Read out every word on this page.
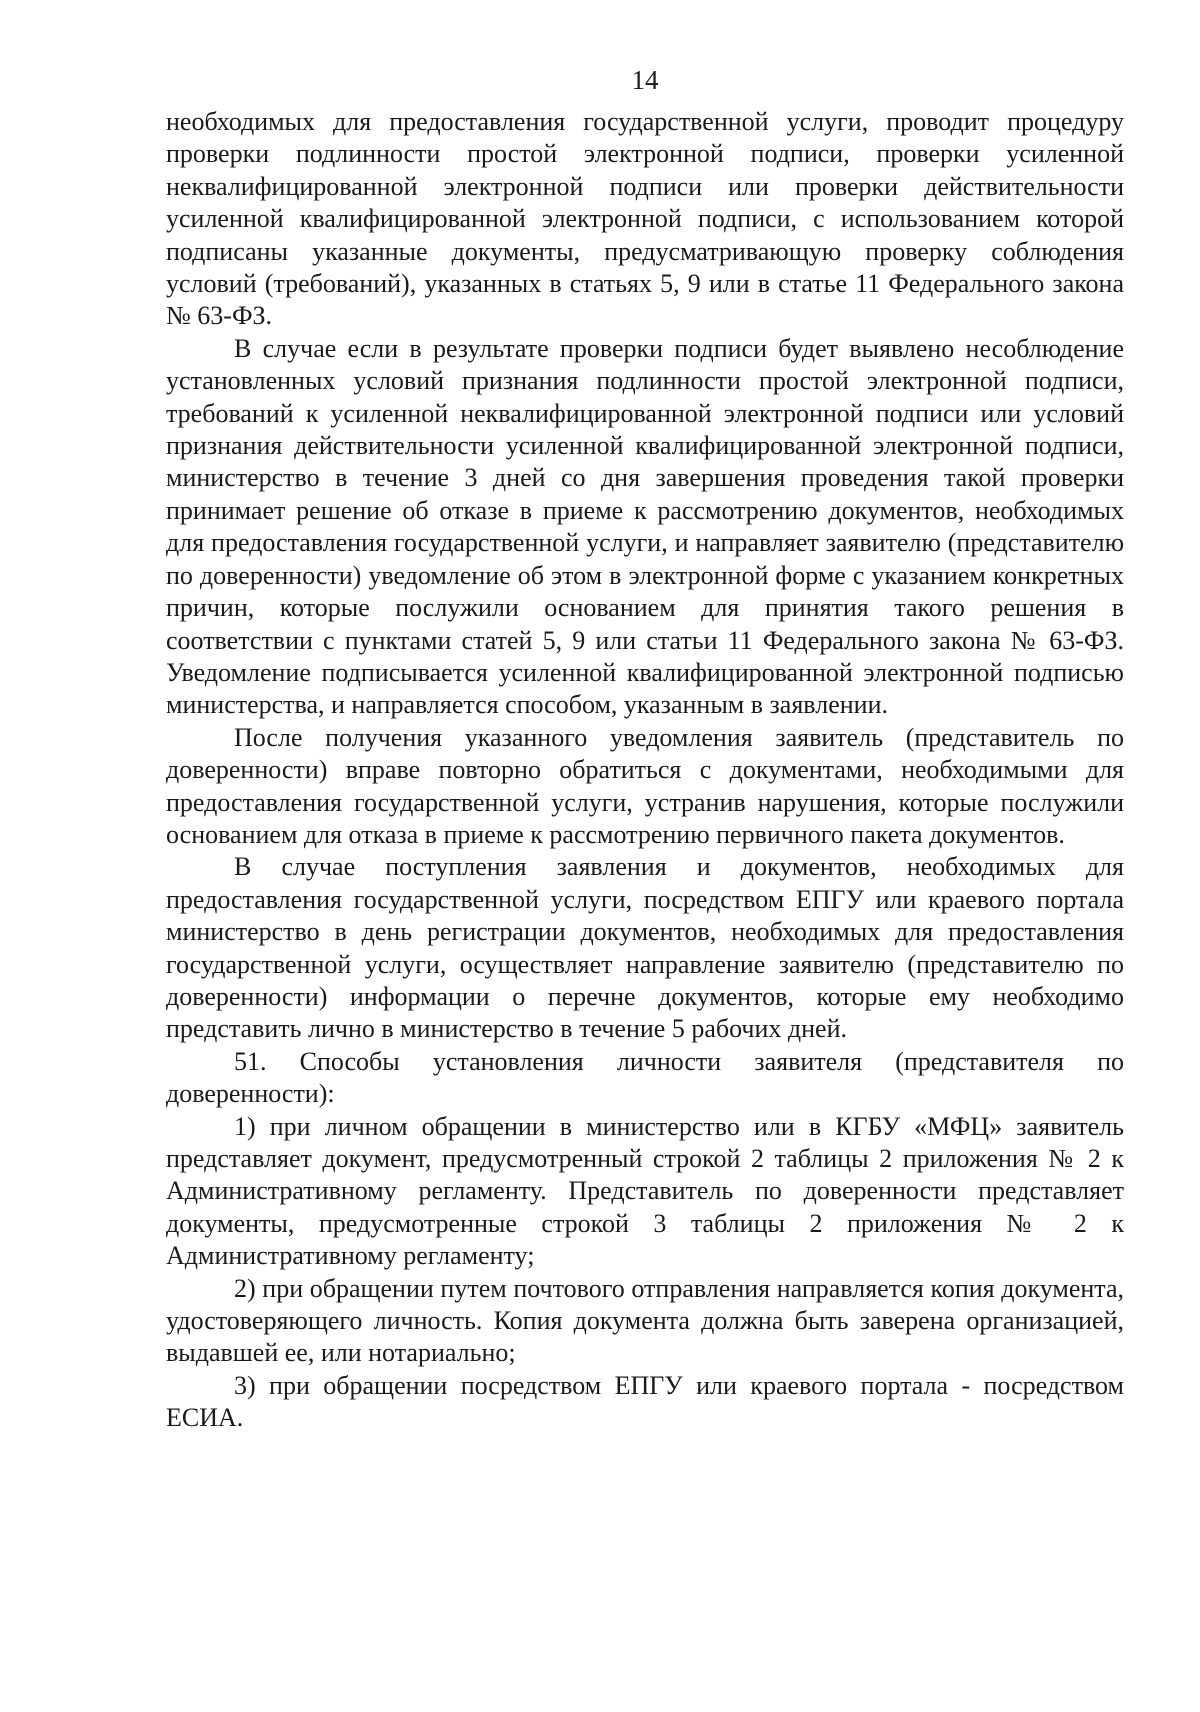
14

необходимых для предоставления государственной услуги, проводит процедуру проверки подлинности простой электронной подписи, проверки усиленной неквалифицированной электронной подписи или проверки действительности усиленной квалифицированной электронной подписи, с использованием которой подписаны указанные документы, предусматривающую проверку соблюдения условий (требований), указанных в статьях 5, 9 или в статье 11 Федерального закона № 63-ФЗ.

В случае если в результате проверки подписи будет выявлено несоблюдение установленных условий признания подлинности простой электронной подписи, требований к усиленной неквалифицированной электронной подписи или условий признания действительности усиленной квалифицированной электронной подписи, министерство в течение 3 дней со дня завершения проведения такой проверки принимает решение об отказе в приеме к рассмотрению документов, необходимых для предоставления государственной услуги, и направляет заявителю (представителю по доверенности) уведомление об этом в электронной форме с указанием конкретных причин, которые послужили основанием для принятия такого решения в соответствии с пунктами статей 5, 9 или статьи 11 Федерального закона № 63-ФЗ. Уведомление подписывается усиленной квалифицированной электронной подписью министерства, и направляется способом, указанным в заявлении.

После получения указанного уведомления заявитель (представитель по доверенности) вправе повторно обратиться с документами, необходимыми для предоставления государственной услуги, устранив нарушения, которые послужили основанием для отказа в приеме к рассмотрению первичного пакета документов.

В случае поступления заявления и документов, необходимых для предоставления государственной услуги, посредством ЕПГУ или краевого портала министерство в день регистрации документов, необходимых для предоставления государственной услуги, осуществляет направление заявителю (представителю по доверенности) информации о перечне документов, которые ему необходимо представить лично в министерство в течение 5 рабочих дней.

51. Способы установления личности заявителя (представителя по доверенности):

1) при личном обращении в министерство или в КГБУ «МФЦ» заявитель представляет документ, предусмотренный строкой 2 таблицы 2 приложения № 2 к Административному регламенту. Представитель по доверенности представляет документы, предусмотренные строкой 3 таблицы 2 приложения № 2 к Административному регламенту;

2) при обращении путем почтового отправления направляется копия документа, удостоверяющего личность. Копия документа должна быть заверена организацией, выдавшей ее, или нотариально;

3) при обращении посредством ЕПГУ или краевого портала - посредством ЕСИА.
